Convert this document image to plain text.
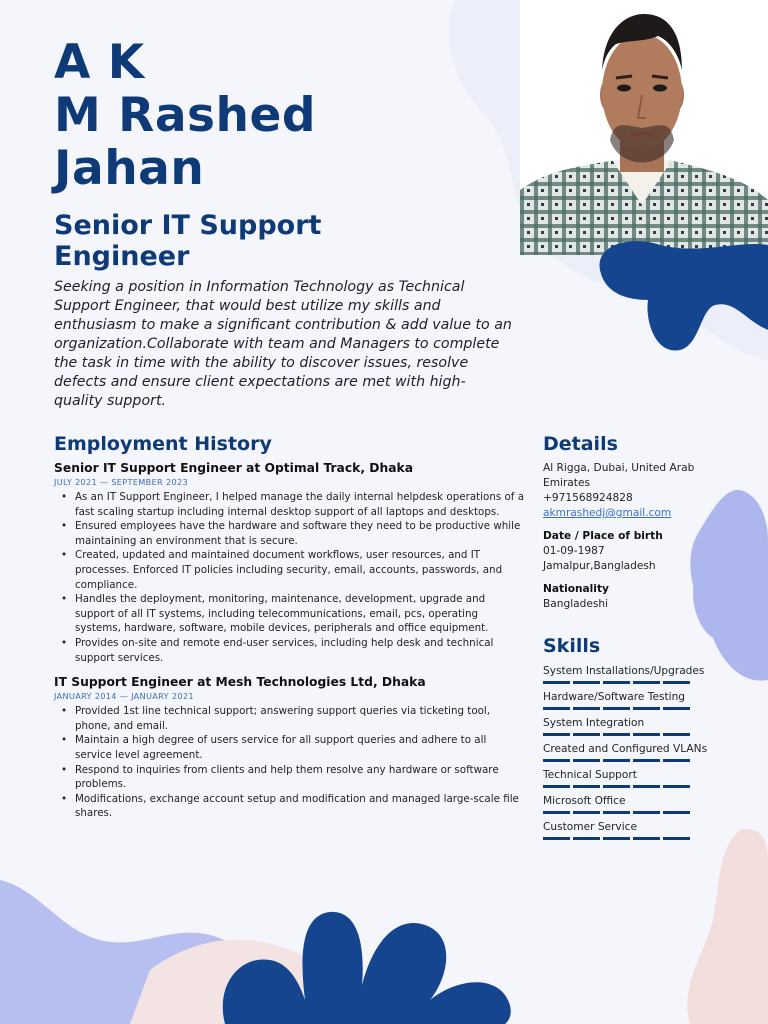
A K
M Rashed
Jahan
Senior IT Support Engineer
Seeking a position in Information Technology as Technical Support Engineer, that would best utilize my skills and enthusiasm to make a significant contribution & add value to an organization.Collaborate with team and Managers to complete the task in time with the ability to discover issues, resolve defects and ensure client expectations are met with high-quality support.
Employment History
Senior IT Support Engineer at Optimal Track, Dhaka
JULY 2021 — SEPTEMBER 2023
• As an IT Support Engineer, I helped manage the daily internal helpdesk operations of a fast scaling startup including internal desktop support of all laptops and desktops.
• Ensured employees have the hardware and software they need to be productive while maintaining an environment that is secure.
• Created, updated and maintained document workflows, user resources, and IT processes. Enforced IT policies including security, email, accounts, passwords, and compliance.
• Handles the deployment, monitoring, maintenance, development, upgrade and support of all IT systems, including telecommunications, email, pcs, operating systems, hardware, software, mobile devices, peripherals and office equipment.
• Provides on-site and remote end-user services, including help desk and technical support services.
IT Support Engineer at Mesh Technologies Ltd, Dhaka
JANUARY 2014 — JANUARY 2021
• Provided 1st line technical support; answering support queries via ticketing tool, phone, and email.
• Maintain a high degree of users service for all support queries and adhere to all service level agreement.
• Respond to inquiries from clients and help them resolve any hardware or software problems.
• Modifications, exchange account setup and modification and managed large-scale file shares.
Details
Al Rigga, Dubai, United Arab Emirates
+971568924828
akmrashedj@gmail.com
Date / Place of birth
01-09-1987
Jamalpur,Bangladesh
Nationality
Bangladeshi
Skills
System Installations/Upgrades
Hardware/Software Testing
System Integration
Created and Configured VLANs
Technical Support
Microsoft Office
Customer Service
